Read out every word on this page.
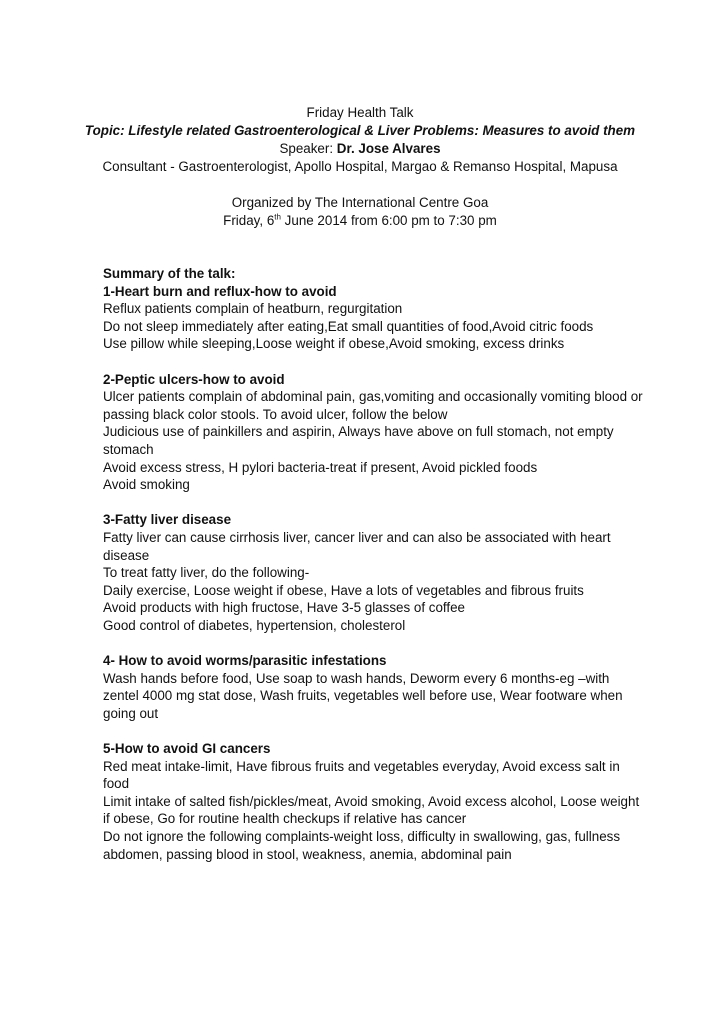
Friday Health Talk

Topic: Lifestyle related Gastroenterological & Liver Problems: Measures to avoid them

Speaker: Dr. Jose Alvares

Consultant - Gastroenterologist, Apollo Hospital, Margao & Remanso Hospital, Mapusa

Organized by The International Centre Goa

Friday, 6th June 2014 from 6:00 pm to 7:30 pm

Summary of the talk:

1-Heart burn and reflux-how to avoid

Reflux patients complain of heatburn, regurgitation

Do not sleep immediately after eating,Eat small quantities of food,Avoid citric foods

Use pillow while sleeping,Loose weight if obese,Avoid smoking, excess drinks

2-Peptic ulcers-how to avoid

Ulcer patients complain of abdominal pain, gas,vomiting and occasionally vomiting blood or passing black color stools. To avoid ulcer, follow the below

Judicious use of painkillers and aspirin, Always have above on full stomach, not empty stomach

Avoid excess stress, H pylori bacteria-treat if present, Avoid pickled foods

Avoid smoking

3-Fatty liver disease

Fatty liver can cause cirrhosis liver, cancer liver and can also be associated with heart disease

To treat fatty liver, do the following-

Daily exercise, Loose weight if obese, Have a lots of vegetables and fibrous fruits

Avoid products with high fructose, Have 3-5 glasses of coffee

Good control of diabetes, hypertension, cholesterol

4- How to avoid worms/parasitic infestations

Wash hands before food, Use soap to wash hands, Deworm every 6 months-eg –with zentel 4000 mg stat dose, Wash fruits, vegetables well before use, Wear footware when going out

5-How to avoid GI cancers

Red meat intake-limit, Have fibrous fruits and vegetables everyday, Avoid excess salt in food

Limit intake of salted fish/pickles/meat, Avoid smoking, Avoid excess alcohol, Loose weight if obese, Go for routine health checkups if relative has cancer

Do not ignore the following complaints-weight loss, difficulty in swallowing, gas, fullness abdomen, passing blood in stool, weakness, anemia, abdominal pain
